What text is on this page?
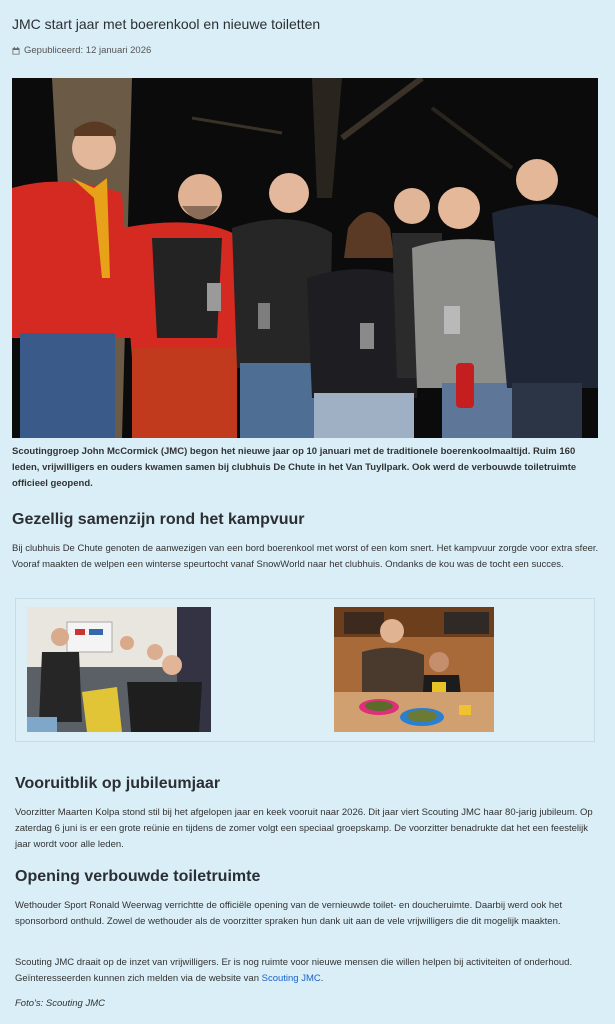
JMC start jaar met boerenkool en nieuwe toiletten
Gepubliceerd: 12 januari 2026

Scoutinggroep John McCormick (JMC) begon het nieuwe jaar op 10 januari met de traditionele boerenkoolmaaltijd. Ruim 160 leden, vrijwilligers en ouders kwamen samen bij clubhuis De Chute in het Van Tuyllpark. Ook werd de verbouwde toiletruimte officieel geopend.

Gezellig samenzijn rond het kampvuur

Bij clubhuis De Chute genoten de aanwezigen van een bord boerenkool met worst of een kom snert. Het kampvuur zorgde voor extra sfeer. Vooraf maakten de welpen een winterse speurtocht vanaf SnowWorld naar het clubhuis. Ondanks de kou was de tocht een succes.

Vooruitblik op jubileumjaar

Voorzitter Maarten Kolpa stond stil bij het afgelopen jaar en keek vooruit naar 2026. Dit jaar viert Scouting JMC haar 80-jarig jubileum. Op zaterdag 6 juni is er een grote reünie en tijdens de zomer volgt een speciaal groepskamp. De voorzitter benadrukte dat het een feestelijk jaar wordt voor alle leden.

Opening verbouwde toiletruimte

Wethouder Sport Ronald Weerwag verrichtte de officiële opening van de vernieuwde toilet- en doucheruimte. Daarbij werd ook het sponsorbord onthuld. Zowel de wethouder als de voorzitter spraken hun dank uit aan de vele vrijwilligers die dit mogelijk maakten.

Scouting JMC draait op de inzet van vrijwilligers. Er is nog ruimte voor nieuwe mensen die willen helpen bij activiteiten of onderhoud. Geïnteresseerden kunnen zich melden via de website van Scouting JMC.

Foto's: Scouting JMC
